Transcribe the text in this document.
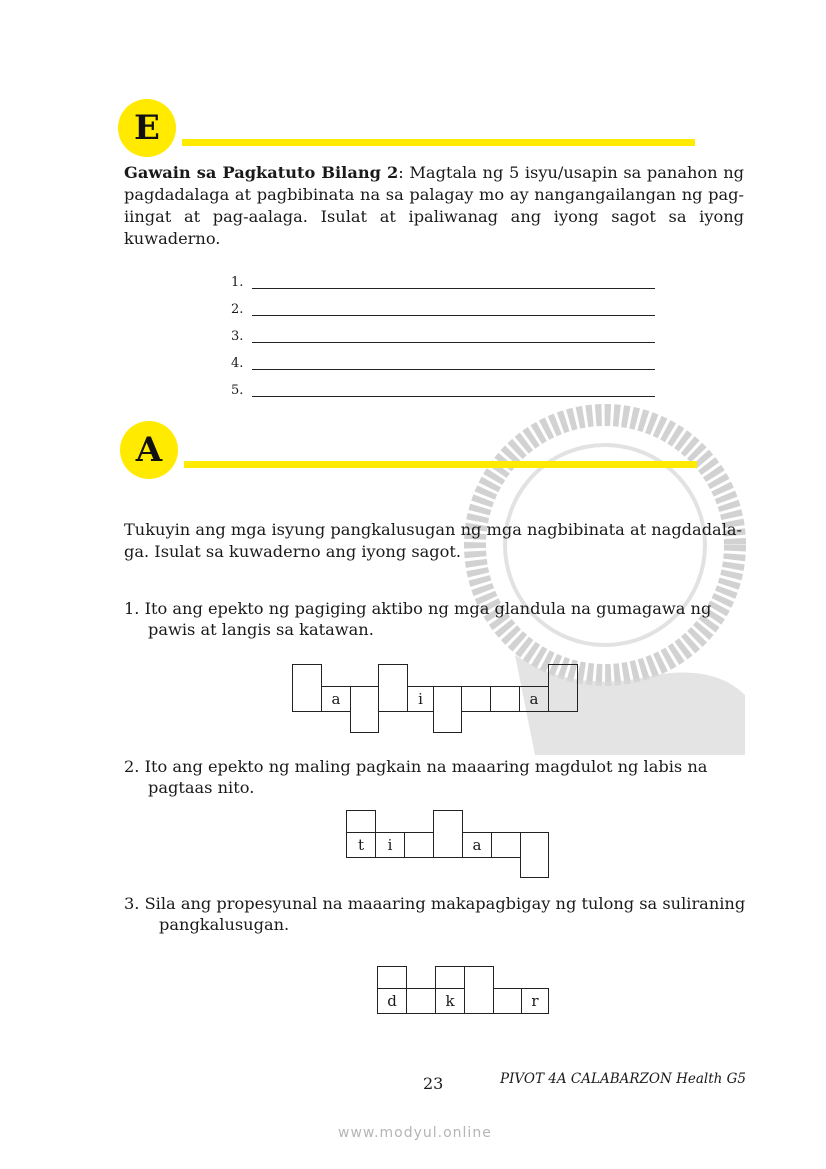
E
Gawain sa Pagkatuto Bilang 2: Magtala ng 5 isyu/usapin sa panahon ng pagdadalaga at pagbibinata na sa palagay mo ay nangangailangan ng pag-iingat at pag-aalaga. Isulat at ipaliwanag ang iyong sagot sa iyong kuwaderno.
1.
2.
3.
4.
5.
A
Tukuyin ang mga isyung pangkalusugan ng mga nagbibinata at nagdadala-ga. Isulat sa kuwaderno ang iyong sagot.
1. Ito ang epekto ng pagiging aktibo ng mga glandula na gumagawa ng pawis at langis sa katawan.
a	i	a
2. Ito ang epekto ng maling pagkain na maaaring magdulot ng labis na pagtaas nito.
t	i	a
3. Sila ang propesyunal na maaaring makapagbigay ng tulong sa suliraning pangkalusugan.
d	k	r
23	PIVOT 4A CALABARZON Health G5
www.modyul.online
